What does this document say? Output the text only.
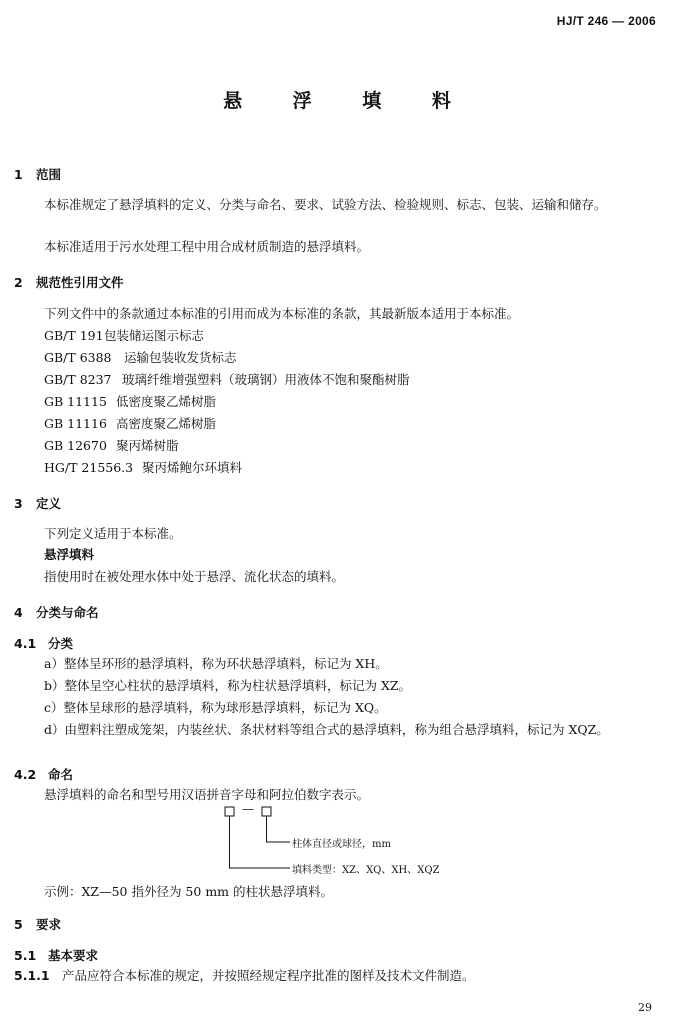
HJ/T 246 — 2006
悬 浮 填 料
1 范围
本标准规定了悬浮填料的定义、分类与命名、要求、试验方法、检验规则、标志、包装、运输和储存。
本标准适用于污水处理工程中用合成材质制造的悬浮填料。
2 规范性引用文件
下列文件中的条款通过本标准的引用而成为本标准的条款，其最新版本适用于本标准。
GB/T 191包装储运图示标志
GB/T 6388 运输包装收发货标志
GB/T 8237 玻璃纤维增强塑料（玻璃钢）用液体不饱和聚酯树脂
GB 11115 低密度聚乙烯树脂
GB 11116 高密度聚乙烯树脂
GB 12670 聚丙烯树脂
HG/T 21556.3 聚丙烯鲍尔环填料
3 定义
下列定义适用于本标准。
悬浮填料
指使用时在被处理水体中处于悬浮、流化状态的填料。
4 分类与命名
4.1 分类
a）整体呈环形的悬浮填料，称为环状悬浮填料，标记为 XH。
b）整体呈空心柱状的悬浮填料，称为柱状悬浮填料，标记为 XZ。
c）整体呈球形的悬浮填料，称为球形悬浮填料，标记为 XQ。
d）由塑料注塑成笼架，内装丝状、条状材料等组合式的悬浮填料，称为组合悬浮填料，标记为 XQZ。
4.2 命名
悬浮填料的命名和型号用汉语拼音字母和阿拉伯数字表示。
—
柱体直径或球径，mm
填料类型：XZ、XQ、XH、XQZ
示例：XZ—50 指外径为 50 mm 的柱状悬浮填料。
5 要求
5.1 基本要求
5.1.1 产品应符合本标准的规定，并按照经规定程序批准的图样及技术文件制造。
29
